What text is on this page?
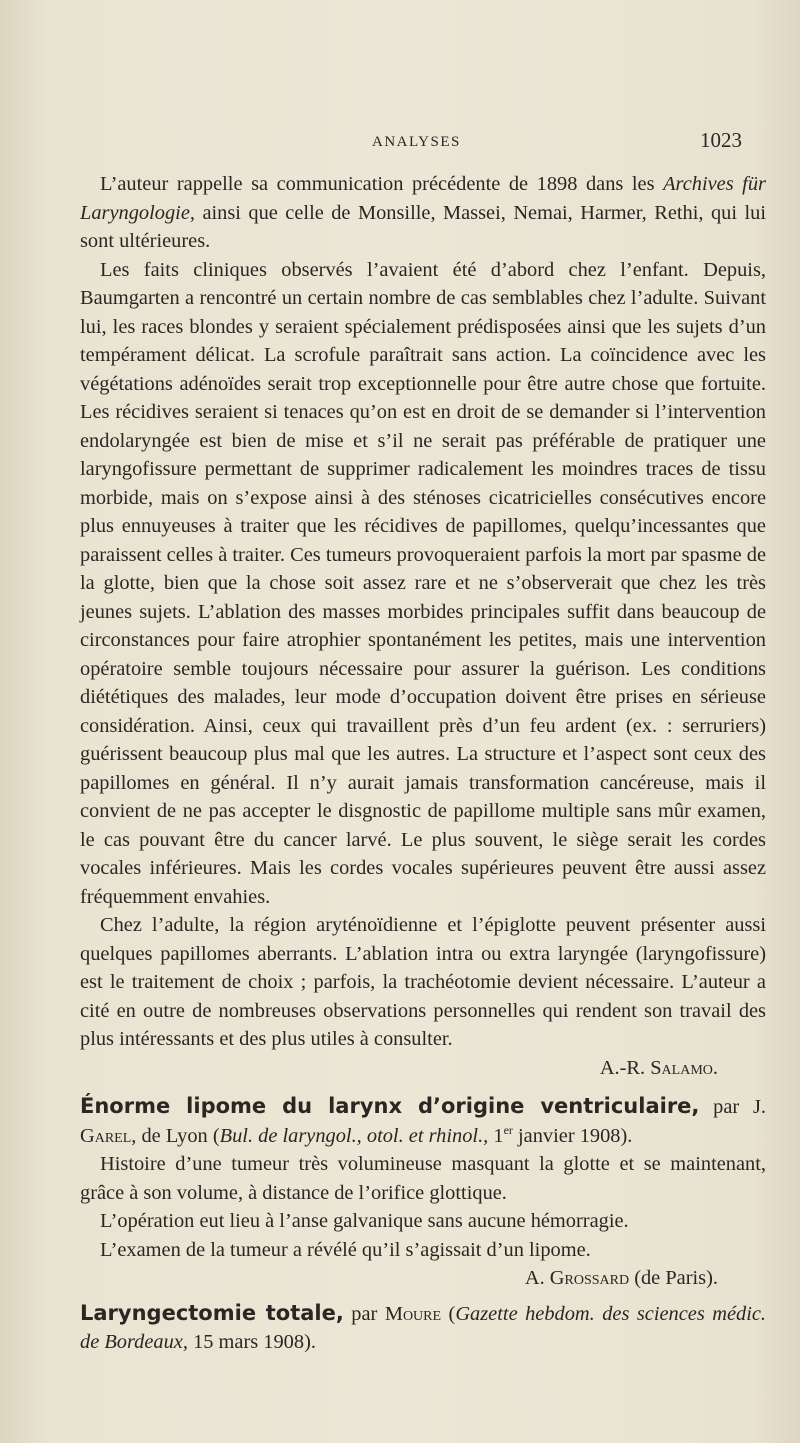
ANALYSES	1023

L’auteur rappelle sa communication précédente de 1898 dans les Archives für Laryngologie, ainsi que celle de Monsille, Massei, Nemai, Harmer, Rethi, qui lui sont ultérieures.

Les faits cliniques observés l’avaient été d’abord chez l’enfant. Depuis, Baumgarten a rencontré un certain nombre de cas semblables chez l’adulte. Suivant lui, les races blondes y seraient spécialement prédisposées ainsi que les sujets d’un tempérament délicat. La scrofule paraîtrait sans action. La coïncidence avec les végétations adénoïdes serait trop exceptionnelle pour être autre chose que fortuite. Les récidives seraient si tenaces qu’on est en droit de se demander si l’intervention endolaryngée est bien de mise et s’il ne serait pas préférable de pratiquer une laryngofissure permettant de supprimer radicalement les moindres traces de tissu morbide, mais on s’expose ainsi à des sténoses cicatricielles consécutives encore plus ennuyeuses à traiter que les récidives de papillomes, quelqu’incessantes que paraissent celles à traiter. Ces tumeurs provoqueraient parfois la mort par spasme de la glotte, bien que la chose soit assez rare et ne s’observerait que chez les très jeunes sujets. L’ablation des masses morbides principales suffit dans beaucoup de circonstances pour faire atrophier spontanément les petites, mais une intervention opératoire semble toujours nécessaire pour assurer la guérison. Les conditions diététiques des malades, leur mode d’occupation doivent être prises en sérieuse considération. Ainsi, ceux qui travaillent près d’un feu ardent (ex. : serruriers) guérissent beaucoup plus mal que les autres. La structure et l’aspect sont ceux des papillomes en général. Il n’y aurait jamais transformation cancéreuse, mais il convient de ne pas accepter le disgnostic de papillome multiple sans mûr examen, le cas pouvant être du cancer larvé. Le plus souvent, le siège serait les cordes vocales inférieures. Mais les cordes vocales supérieures peuvent être aussi assez fréquemment envahies.

Chez l’adulte, la région aryténoïdienne et l’épiglotte peuvent présenter aussi quelques papillomes aberrants. L’ablation intra ou extra laryngée (laryngofissure) est le traitement de choix ; parfois, la trachéotomie devient nécessaire. L’auteur a cité en outre de nombreuses observations personnelles qui rendent son travail des plus intéressants et des plus utiles à consulter.

A.-R. Salamo.

Énorme lipome du larynx d’origine ventriculaire, par J. Garel, de Lyon (Bul. de laryngol., otol. et rhinol., 1er janvier 1908).

Histoire d’une tumeur très volumineuse masquant la glotte et se maintenant, grâce à son volume, à distance de l’orifice glottique.

L’opération eut lieu à l’anse galvanique sans aucune hémorragie.

L’examen de la tumeur a révélé qu’il s’agissait d’un lipome.

A. Grossard (de Paris).

Laryngectomie totale, par Moure (Gazette hebdom. des sciences médic. de Bordeaux, 15 mars 1908).
